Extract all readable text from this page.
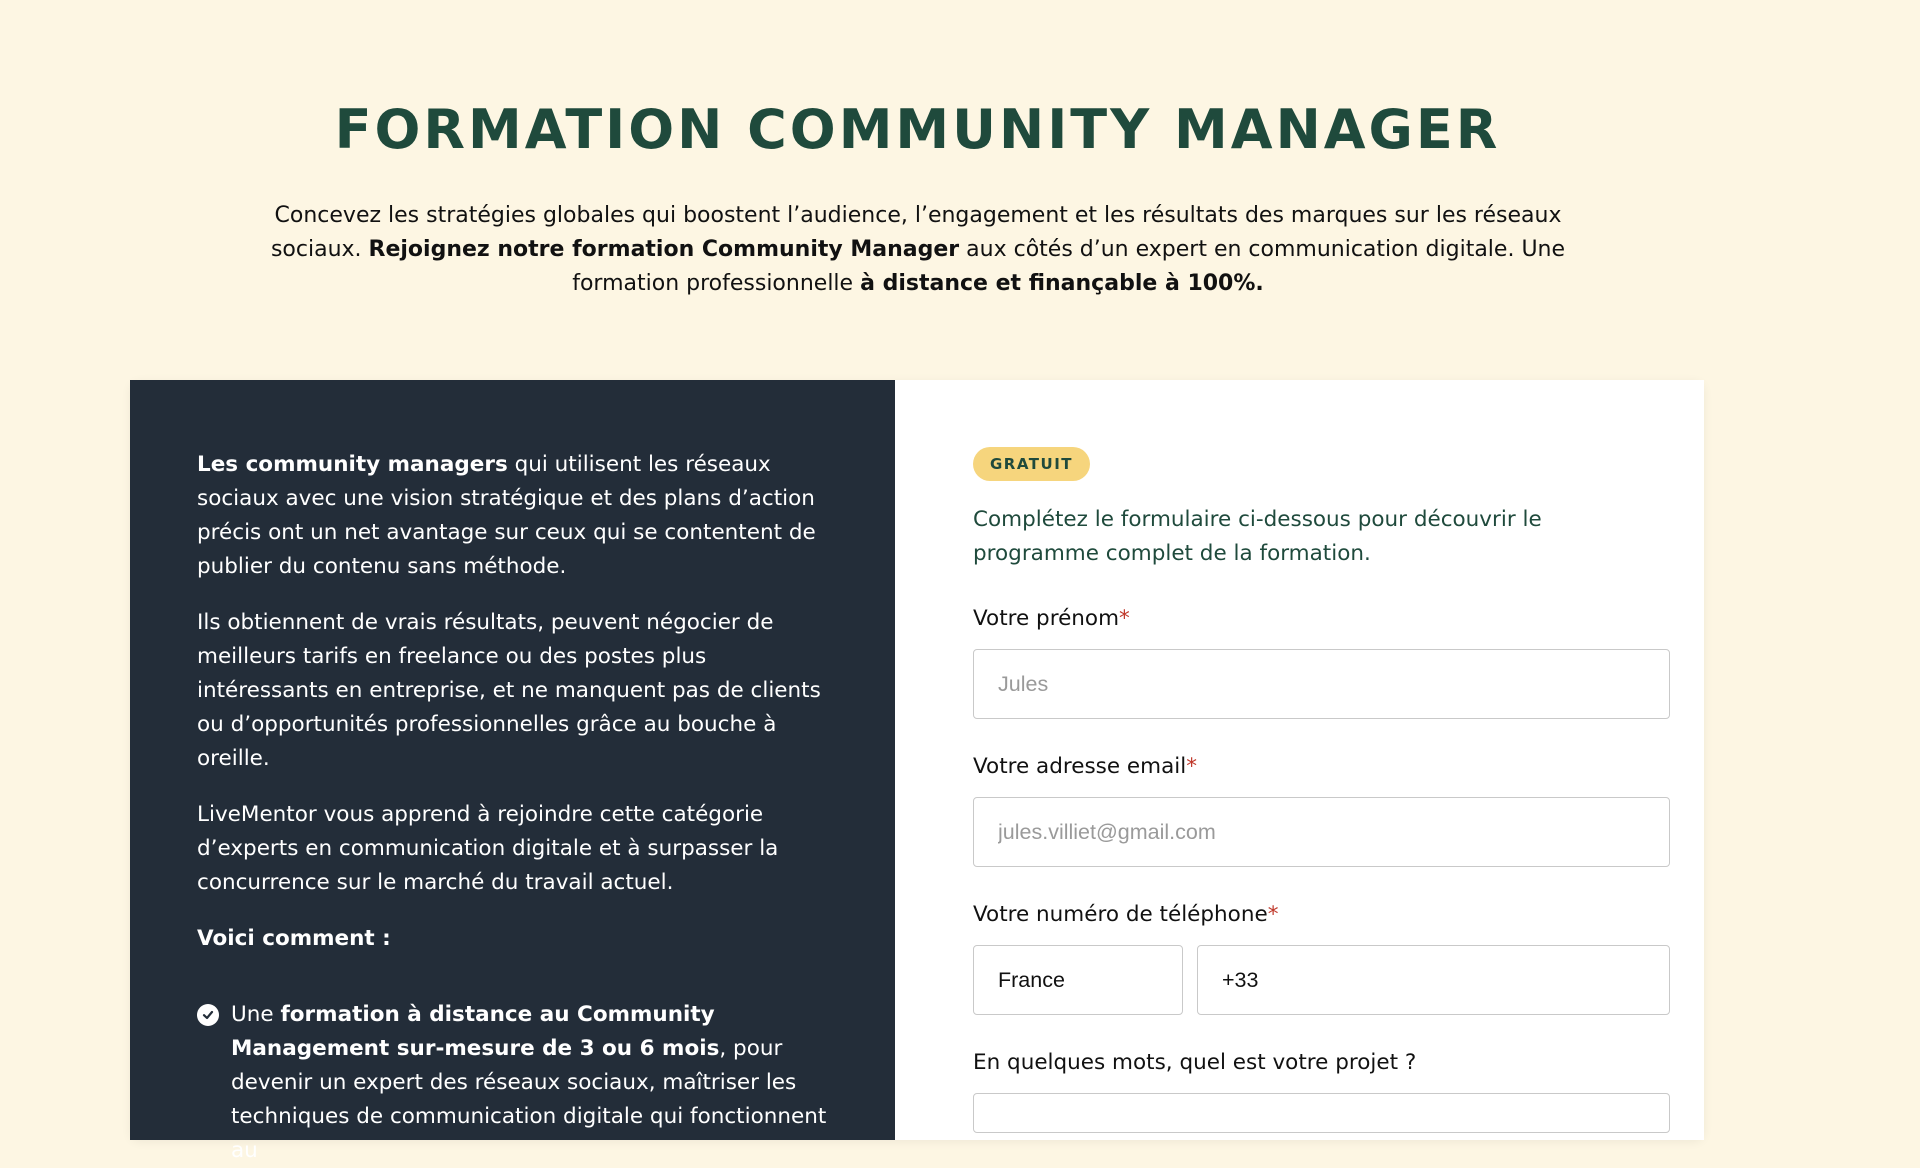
FORMATION COMMUNITY MANAGER

Concevez les stratégies globales qui boostent l’audience, l’engagement et les résultats des marques sur les réseaux sociaux. Rejoignez notre formation Community Manager aux côtés d’un expert en communication digitale. Une formation professionnelle à distance et finançable à 100%.

Les community managers qui utilisent les réseaux sociaux avec une vision stratégique et des plans d’action précis ont un net avantage sur ceux qui se contentent de publier du contenu sans méthode.

Ils obtiennent de vrais résultats, peuvent négocier de meilleurs tarifs en freelance ou des postes plus intéressants en entreprise, et ne manquent pas de clients ou d’opportunités professionnelles grâce au bouche à oreille.

LiveMentor vous apprend à rejoindre cette catégorie d’experts en communication digitale et à surpasser la concurrence sur le marché du travail actuel.

Voici comment :

Une formation à distance au Community Management sur-mesure de 3 ou 6 mois, pour devenir un expert des réseaux sociaux, maîtriser les techniques de communication digitale qui fonctionnent au
GRATUIT

Complétez le formulaire ci-dessous pour découvrir le programme complet de la formation.

Votre prénom*
Jules
Votre adresse email*
jules.villiet@gmail.com
Votre numéro de téléphone*
France
+33
En quelques mots, quel est votre projet ?
